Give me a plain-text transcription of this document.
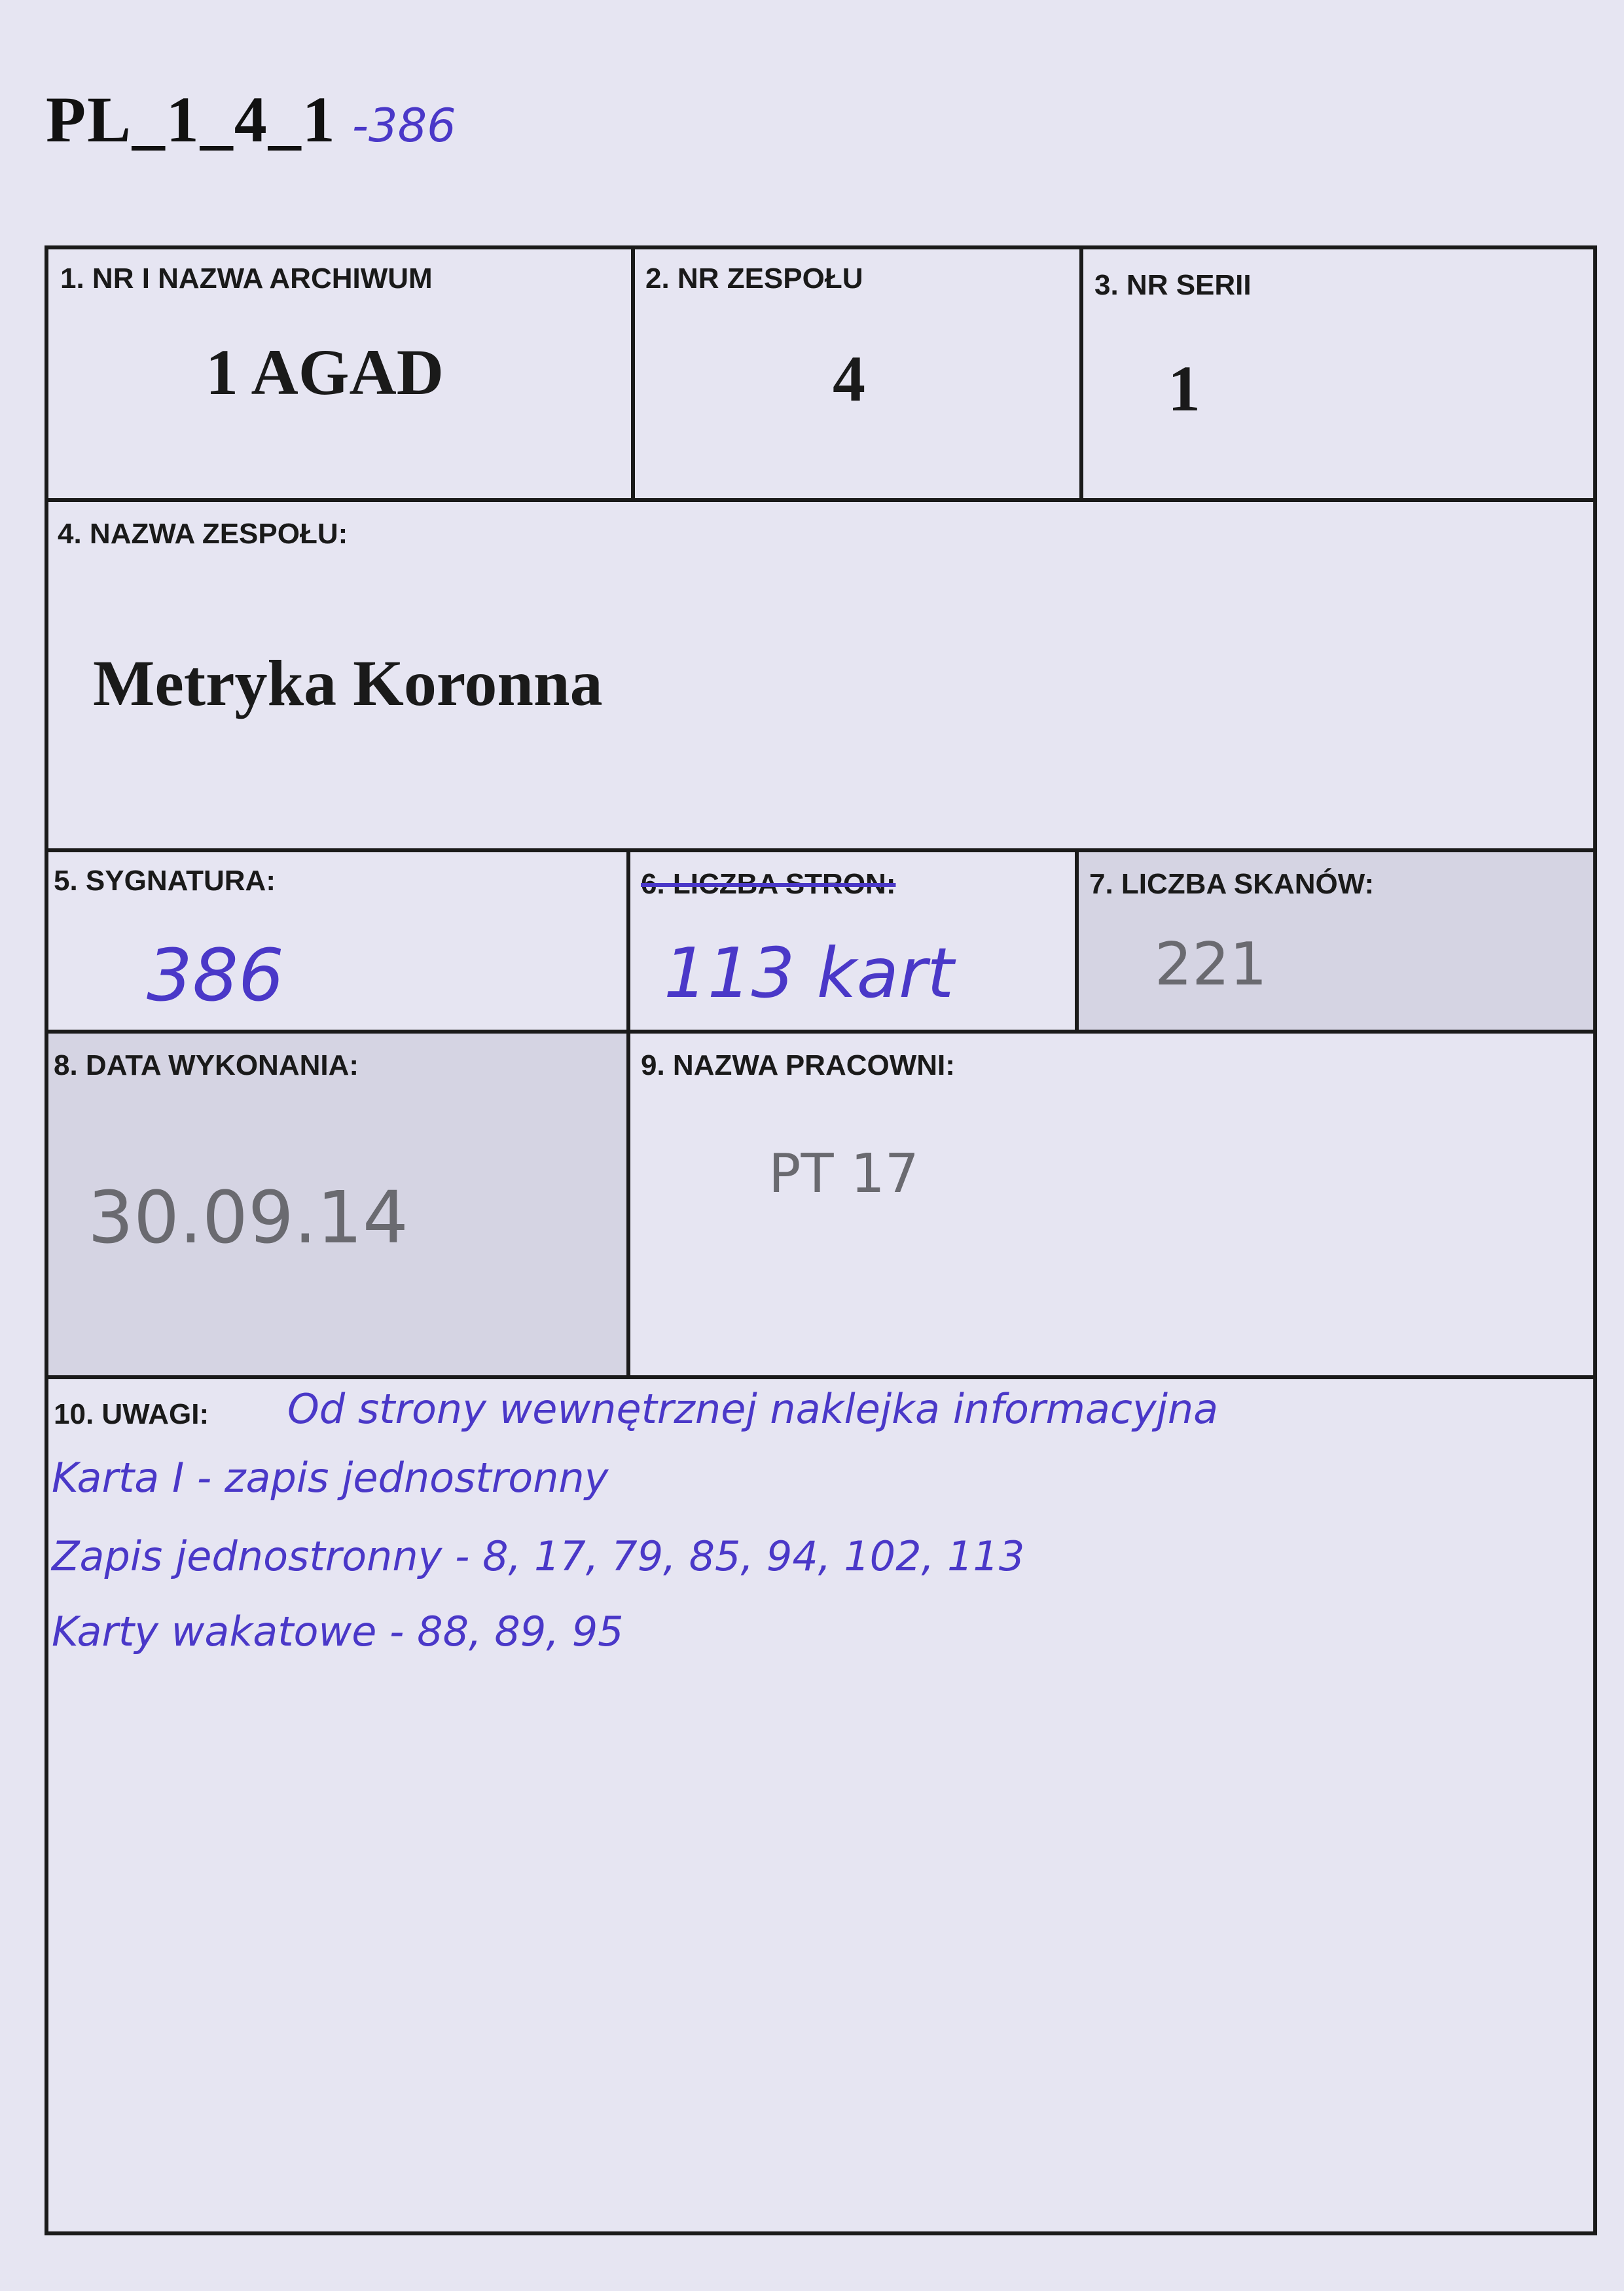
PL_1_4_1 -386
1. NR I NAZWA ARCHIWUM
1 AGAD
2. NR ZESPOŁU
4
3. NR SERII
1
4. NAZWA ZESPOŁU:
Metryka Koronna
5. SYGNATURA:
386
6. LICZBA STRON:
113 kart
7. LICZBA SKANÓW:
221
8. DATA WYKONANIA:
30.09.14
9. NAZWA PRACOWNI:
PT 17
10. UWAGI: Od strony wewnętrznej naklejka informacyjna
Karta I - zapis jednostronny
Zapis jednostronny - 8, 17, 79, 85, 94, 102, 113
Karty wakatowe - 88, 89, 95
